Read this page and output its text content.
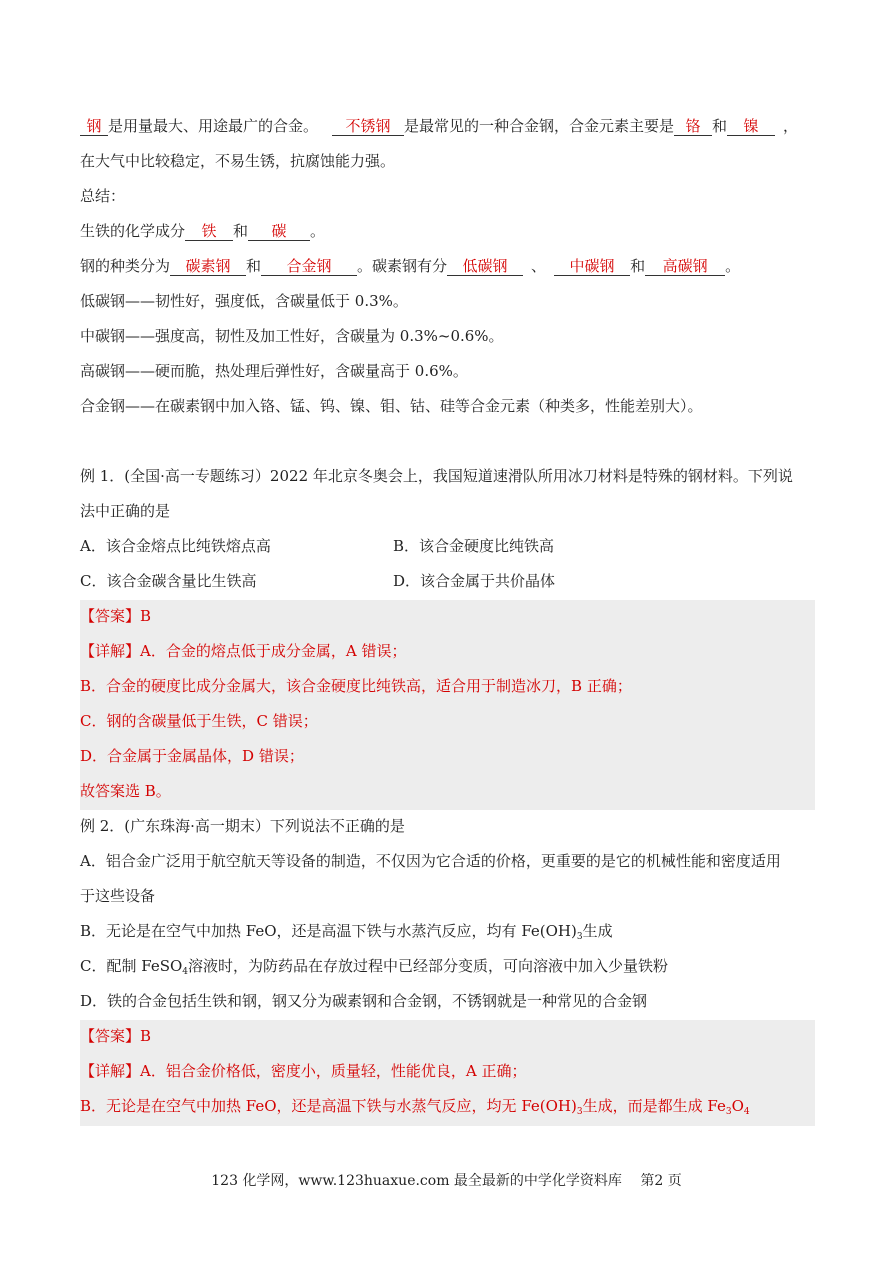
钢 是用量最大、用途最广的合金。 不锈钢 是最常见的一种合金钢，合金元素主要是 铬 和 镍 ，
在大气中比较稳定，不易生锈，抗腐蚀能力强。
总结：
生铁的化学成分 铁 和 碳 。
钢的种类分为 碳素钢 和 合金钢 。碳素钢有分 低碳钢 、 中碳钢 和 高碳钢 。
低碳钢——韧性好，强度低，含碳量低于 0.3%。
中碳钢——强度高，韧性及加工性好，含碳量为 0.3%~0.6%。
高碳钢——硬而脆，热处理后弹性好，含碳量高于 0.6%。
合金钢——在碳素钢中加入铬、锰、钨、镍、钼、钴、硅等合金元素（种类多，性能差别大）。
例 1．(全国·高一专题练习）2022 年北京冬奥会上，我国短道速滑队所用冰刀材料是特殊的钢材料。下列说
法中正确的是
A．该合金熔点比纯铁熔点高	B．该合金硬度比纯铁高
C．该合金碳含量比生铁高	D．该合金属于共价晶体
【答案】B
【详解】A．合金的熔点低于成分金属，A 错误；
B．合金的硬度比成分金属大，该合金硬度比纯铁高，适合用于制造冰刀，B 正确；
C．钢的含碳量低于生铁，C 错误；
D．合金属于金属晶体，D 错误；
故答案选 B。
例 2．(广东珠海·高一期末）下列说法不正确的是
A．铝合金广泛用于航空航天等设备的制造，不仅因为它合适的价格，更重要的是它的机械性能和密度适用
于这些设备
B．无论是在空气中加热 FeO，还是高温下铁与水蒸汽反应，均有 $Fe(OH)_3$生成
C．配制 FeSO$_4$溶液时，为防药品在存放过程中已经部分变质，可向溶液中加入少量铁粉
D．铁的合金包括生铁和钢，钢又分为碳素钢和合金钢，不锈钢就是一种常见的合金钢
【答案】B
【详解】A．铝合金价格低，密度小，质量轻，性能优良，A 正确；
B．无论是在空气中加热 FeO，还是高温下铁与水蒸气反应，均无 $Fe(OH)_3$生成，而是都生成 $Fe_3O_4$
123 化学网，www.123huaxue.com 最全最新的中学化学资料库　 第2 页
